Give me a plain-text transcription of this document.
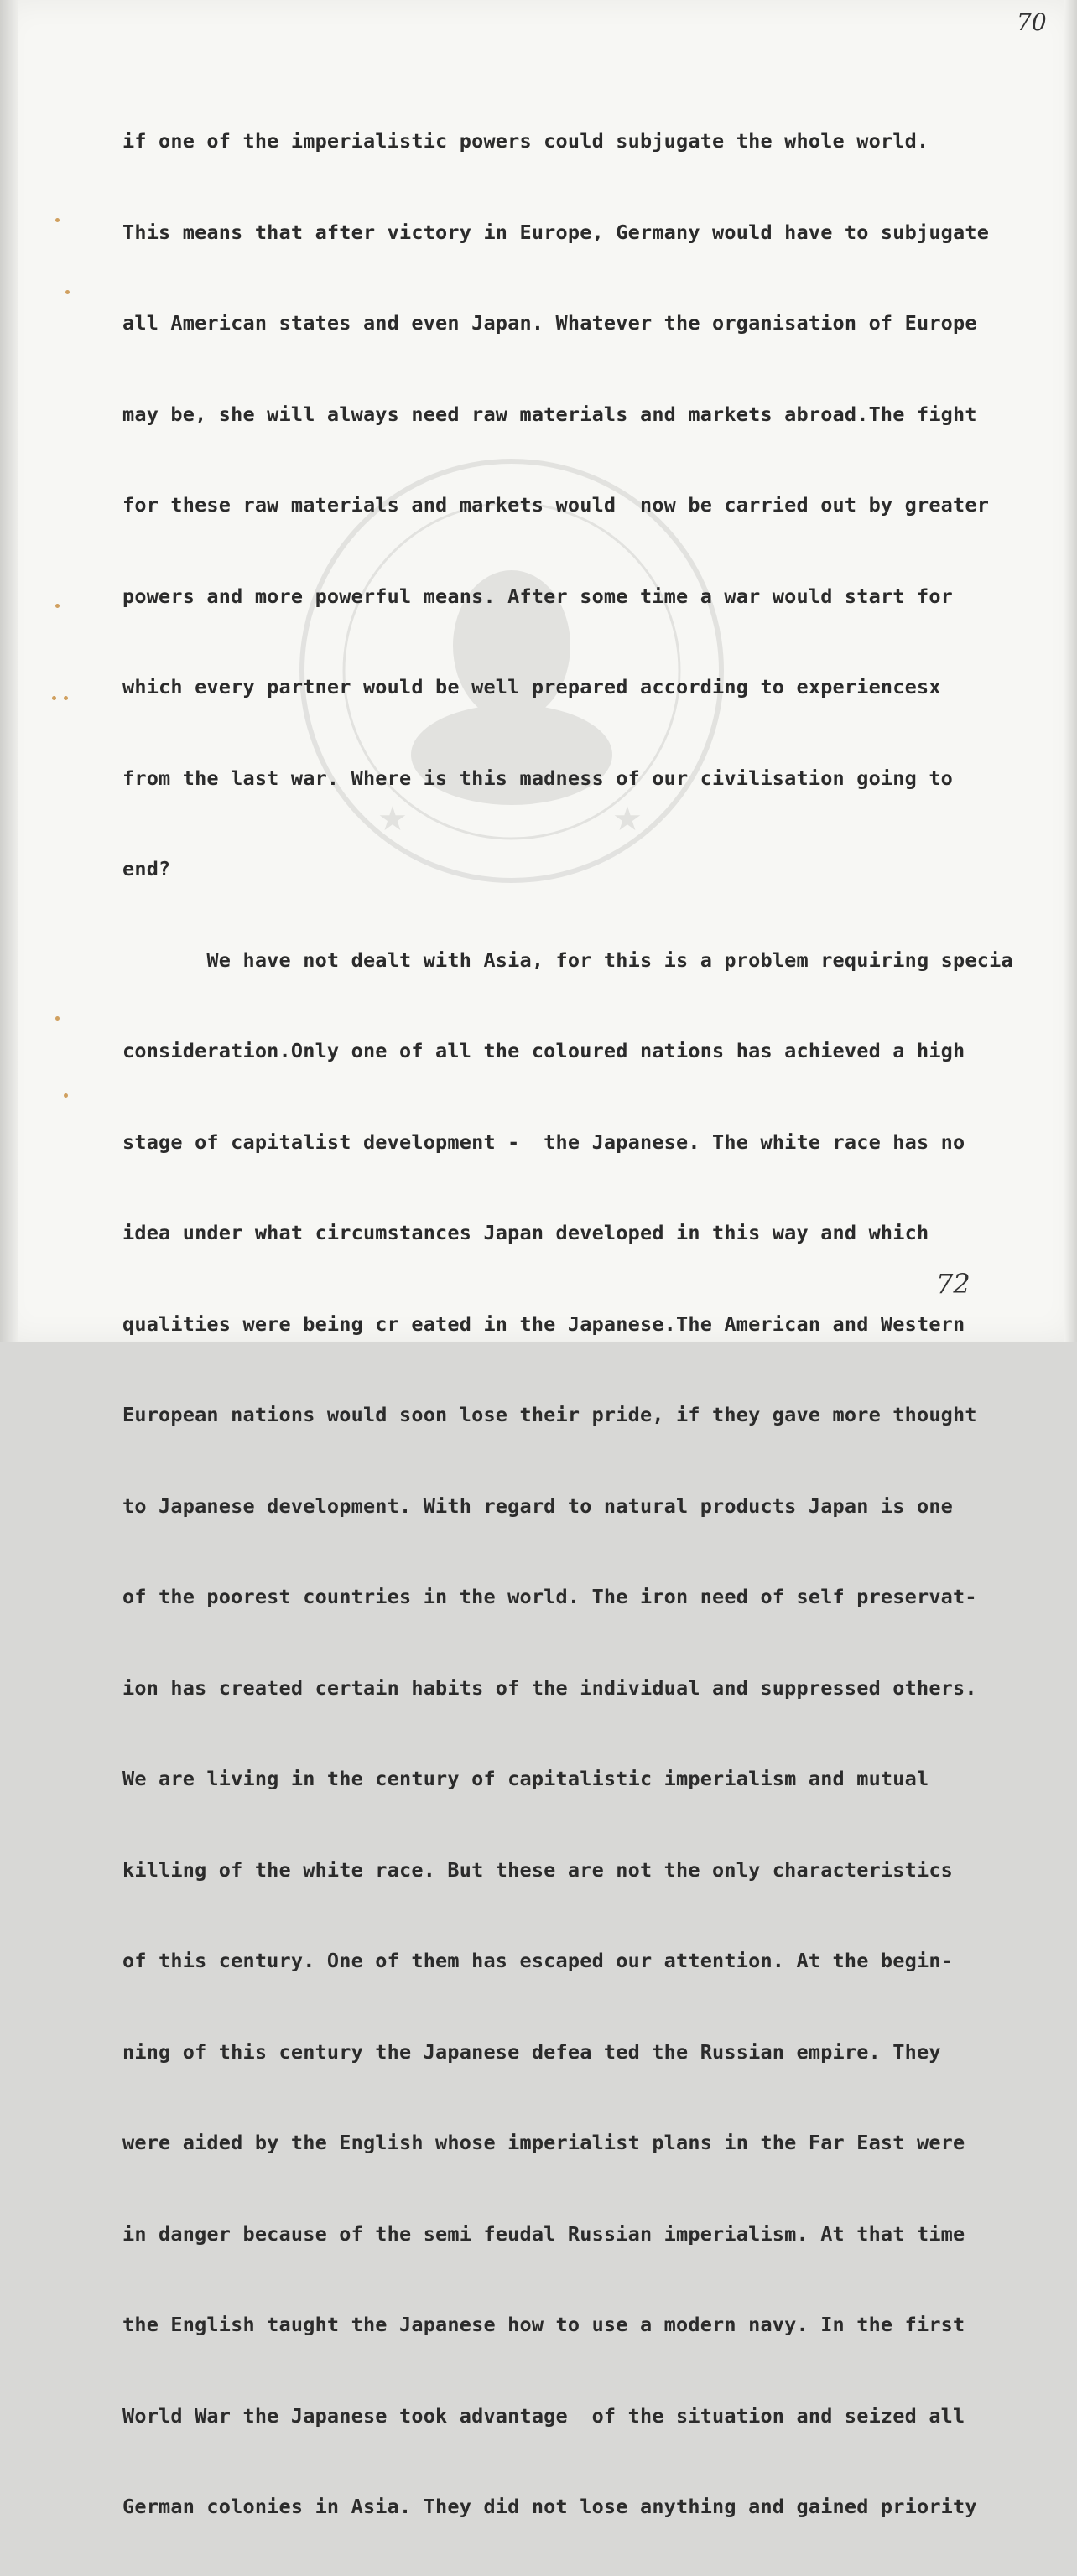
★	★
70

if one of the imperialistic powers could subjugate the whole world.

This means that after victory in Europe, Germany would have to subjugate

all American states and even Japan. Whatever the organisation of Europe

may be, she will always need raw materials and markets abroad.The fight

for these raw materials and markets would  now be carried out by greater

powers and more powerful means. After some time a war would start for

which every partner would be well prepared according to experiencesx

from the last war. Where is this madness of our civilisation going to

end?

We have not dealt with Asia, for this is a problem requiring specia

consideration.Only one of all the coloured nations has achieved a high

stage of capitalist development -  the Japanese. The white race has no

idea under what circumstances Japan developed in this way and which

qualities were being cr eated in the Japanese.The American and Western

European nations would soon lose their pride, if they gave more thought

to Japanese development. With regard to natural products Japan is one

of the poorest countries in the world. The iron need of self preservat-

ion has created certain habits of the individual and suppressed others.

We are living in the century of capitalistic imperialism and mutual

killing of the white race. But these are not the only characteristics

of this century. One of them has escaped our attention. At the begin-

ning of this century the Japanese defea ted the Russian empire. They

were aided by the English whose imperialist plans in the Far East were

in danger because of the semi feudal Russian imperialism. At that time

the English taught the Japanese how to use a modern navy. In the first

World War the Japanese took advantage  of the situation and seized all

German colonies in Asia. They did not lose anything and gained priority

72
